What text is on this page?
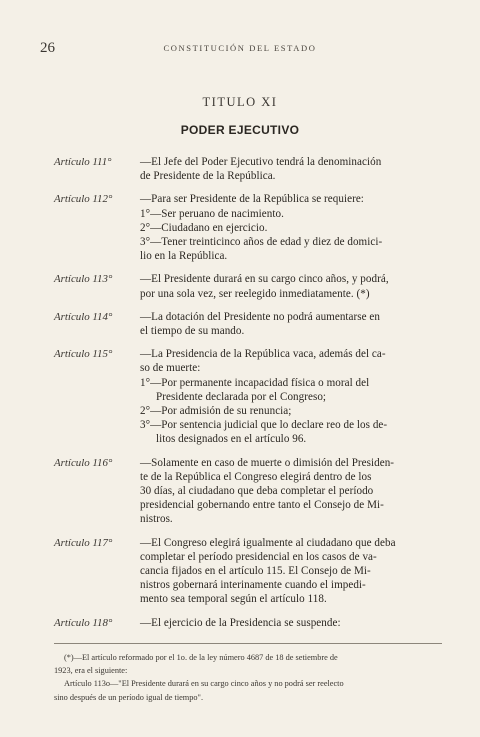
26	CONSTITUCIÓN DEL ESTADO
TITULO XI
PODER EJECUTIVO
Artículo 111°	—El Jefe del Poder Ejecutivo tendrá la denominación
de Presidente de la República.
Artículo 112°	—Para ser Presidente de la República se requiere:
1°—Ser peruano de nacimiento.
2°—Ciudadano en ejercicio.
3°—Tener treinticinco años de edad y diez de domici-
lio en la República.
Artículo 113°	—El Presidente durará en su cargo cinco años, y podrá,
por una sola vez, ser reelegido inmediatamente. (*)
Artículo 114°	—La dotación del Presidente no podrá aumentarse en
el tiempo de su mando.
Artículo 115°	—La Presidencia de la República vaca, además del ca-
so de muerte:
1°—Por permanente incapacidad física o moral del
Presidente declarada por el Congreso;
2°—Por admisión de su renuncia;
3°—Por sentencia judicial que lo declare reo de los de-
litos designados en el artículo 96.
Artículo 116°	—Solamente en caso de muerte o dimisión del Presiden-
te de la República el Congreso elegirá dentro de los
30 días, al ciudadano que deba completar el período
presidencial gobernando entre tanto el Consejo de Mi-
nistros.
Artículo 117°	—El Congreso elegirá igualmente al ciudadano que deba
completar el período presidencial en los casos de va-
cancia fijados en el artículo 115. El Consejo de Mi-
nistros gobernará interinamente cuando el impedi-
mento sea temporal según el artículo 118.
Artículo 118°	—El ejercicio de la Presidencia se suspende:
(*)—El artículo reformado por el 1o. de la ley número 4687 de 18 de setiembre de
1923, era el siguiente:
Artículo 113o—"El Presidente durará en su cargo cinco años y no podrá ser reelecto
sino después de un período igual de tiempo".
